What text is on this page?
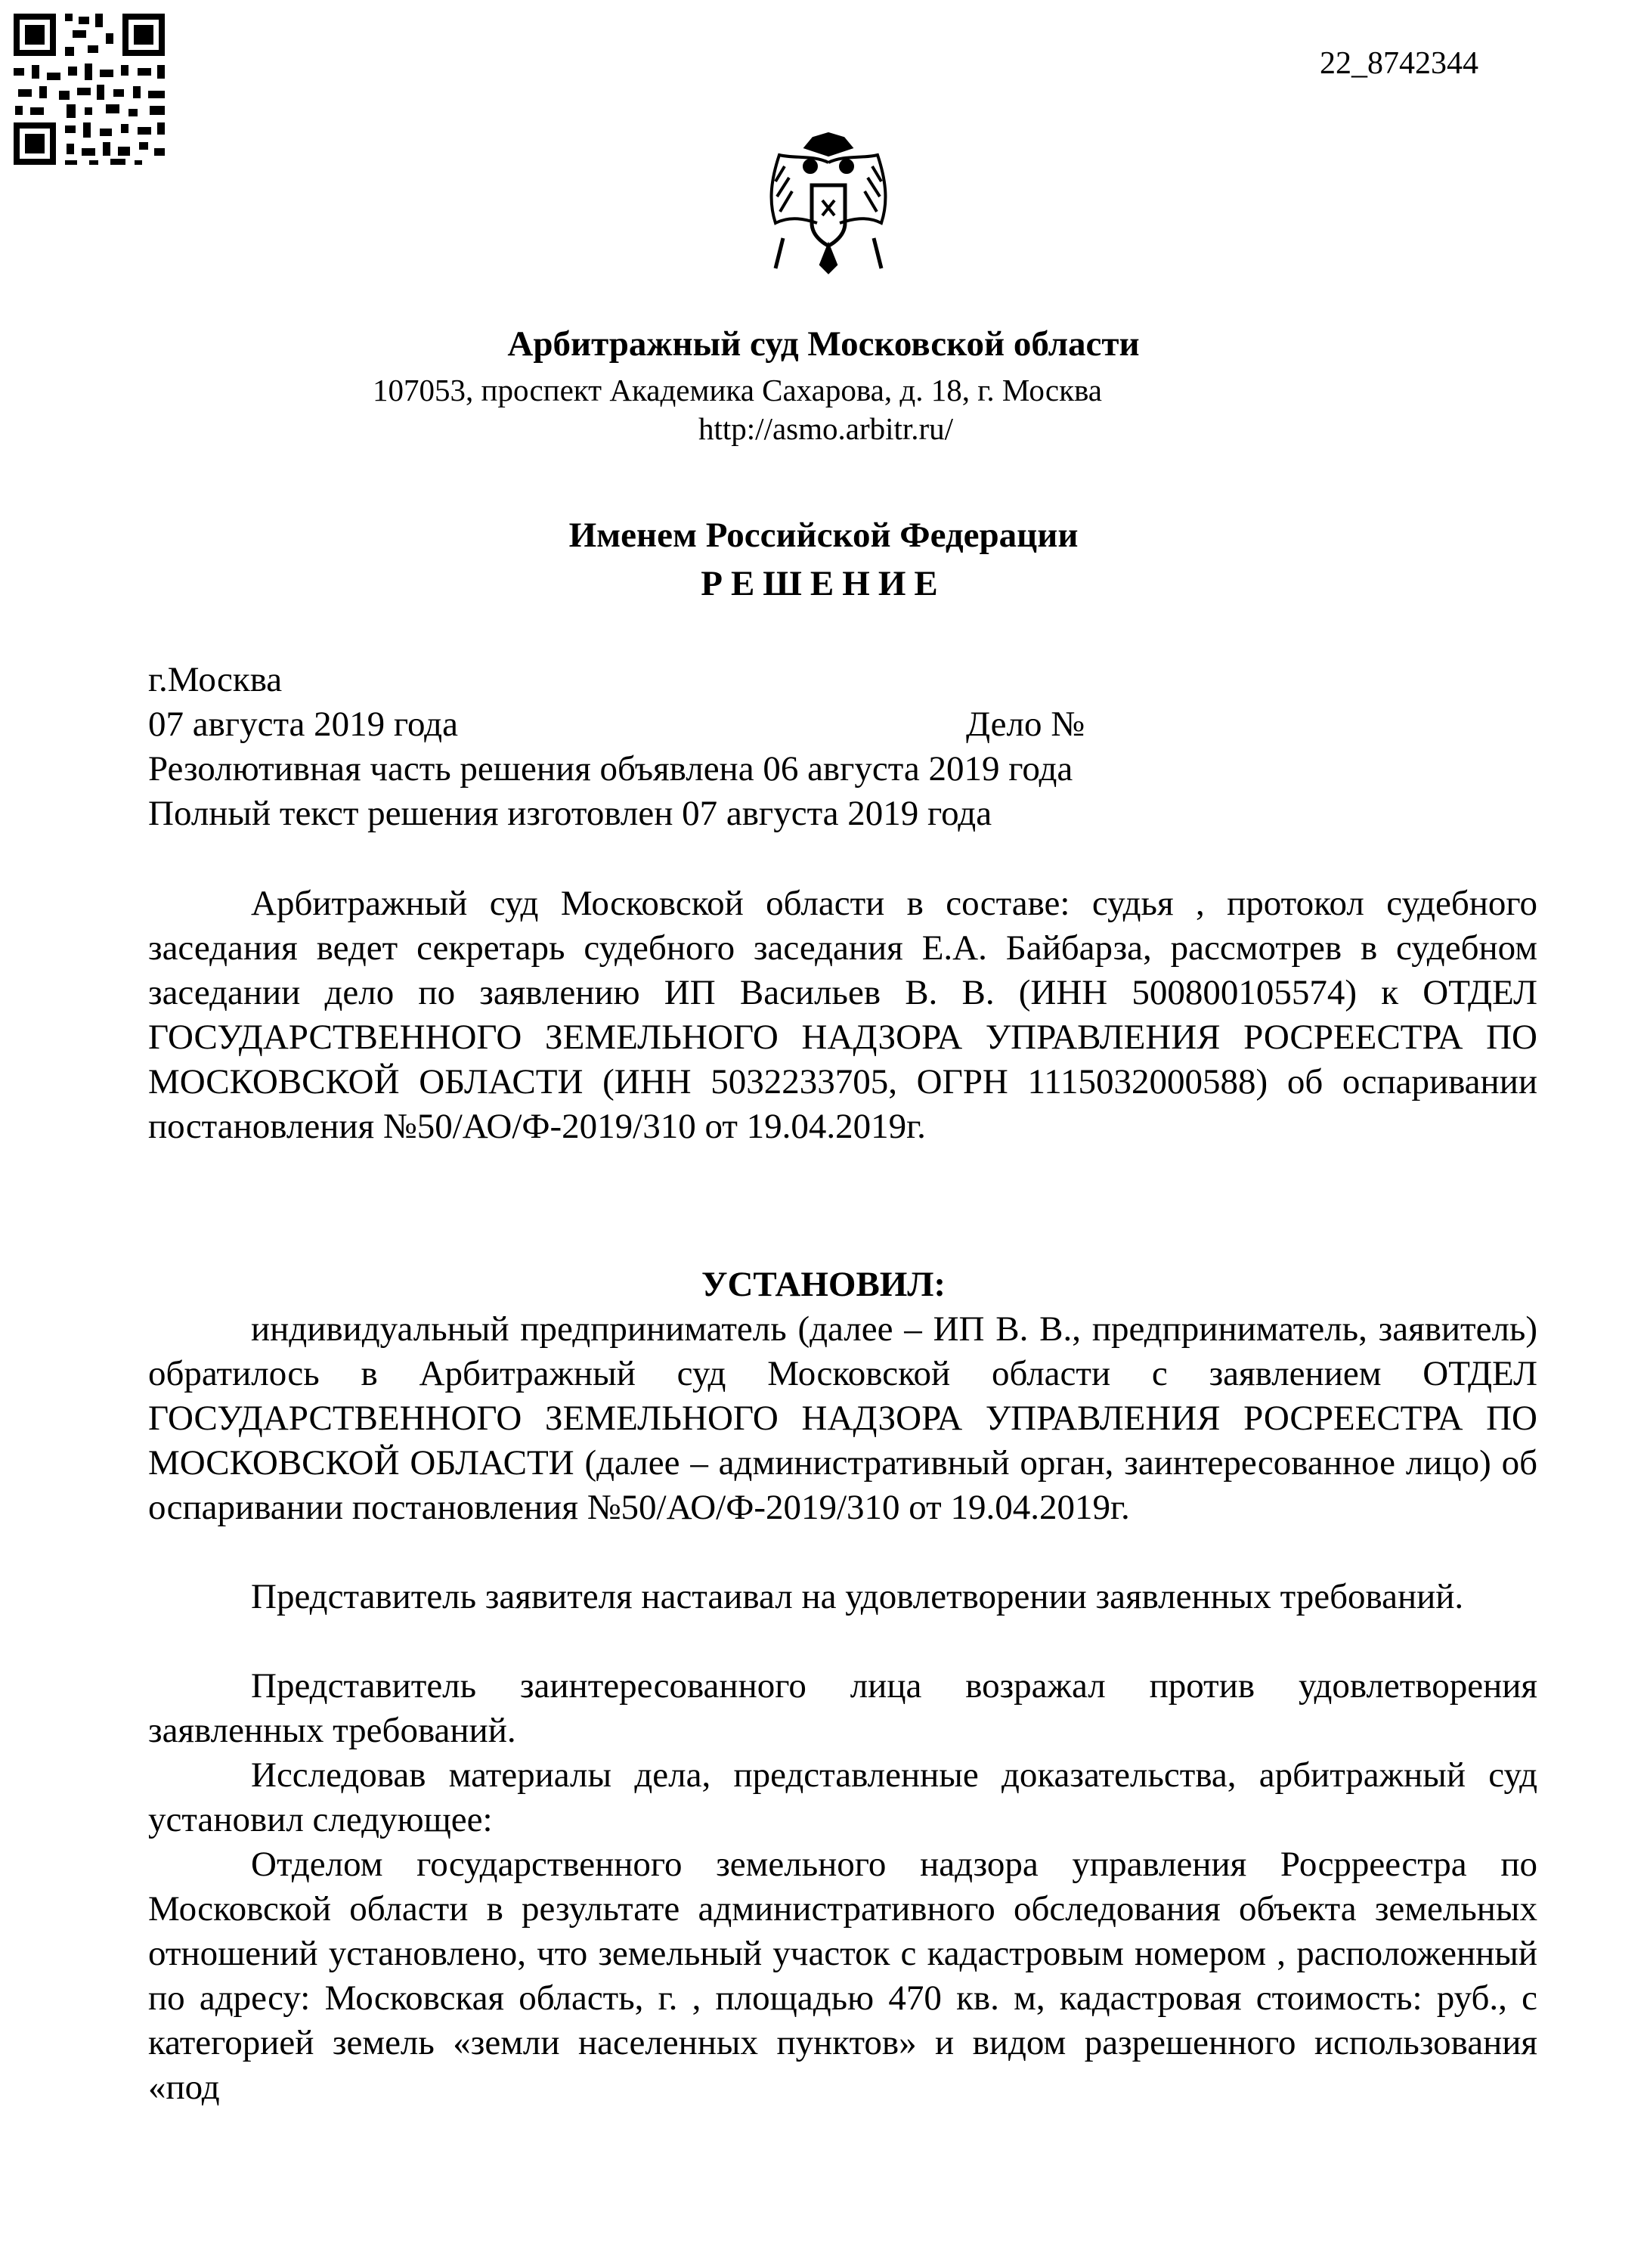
22_8742344
Арбитражный суд Московской области
107053, проспект Академика Сахарова, д. 18, г. Москва
http://asmo.arbitr.ru/
Именем Российской Федерации
РЕШЕНИЕ
г.Москва
07 августа 2019 года	Дело №
Резолютивная часть решения объявлена 06 августа 2019 года
Полный текст решения изготовлен 07 августа 2019 года

Арбитражный суд Московской области в составе: судья , протокол судебного заседания ведет секретарь судебного заседания Е.А. Байбарза, рассмотрев в судебном заседании дело по заявлению ИП Васильев В. В. (ИНН 500800105574) к ОТДЕЛ ГОСУДАРСТВЕННОГО ЗЕМЕЛЬНОГО НАДЗОРА УПРАВЛЕНИЯ РОСРЕЕСТРА ПО МОСКОВСКОЙ ОБЛАСТИ (ИНН 5032233705, ОГРН 1115032000588) об оспаривании постановления №50/АО/Ф-2019/310 от 19.04.2019г.

УСТАНОВИЛ:

индивидуальный предприниматель (далее – ИП В. В., предприниматель, заявитель) обратилось в Арбитражный суд Московской области с заявлением ОТДЕЛ ГОСУДАРСТВЕННОГО ЗЕМЕЛЬНОГО НАДЗОРА УПРАВЛЕНИЯ РОСРЕЕСТРА ПО МОСКОВСКОЙ ОБЛАСТИ (далее – административный орган, заинтересованное лицо) об оспаривании постановления №50/АО/Ф-2019/310 от 19.04.2019г.

Представитель заявителя настаивал на удовлетворении заявленных требований.

Представитель заинтересованного лица возражал против удовлетворения заявленных требований.

Исследовав материалы дела, представленные доказательства, арбитражный суд установил следующее:

Отделом государственного земельного надзора управления Росрреестра по Московской области в результате административного обследования объекта земельных отношений установлено, что земельный участок с кадастровым номером , расположенный по адресу: Московская область, г. , площадью 470 кв. м, кадастровая стоимость: руб., с категорией земель «земли населенных пунктов» и видом разрешенного использования «под
